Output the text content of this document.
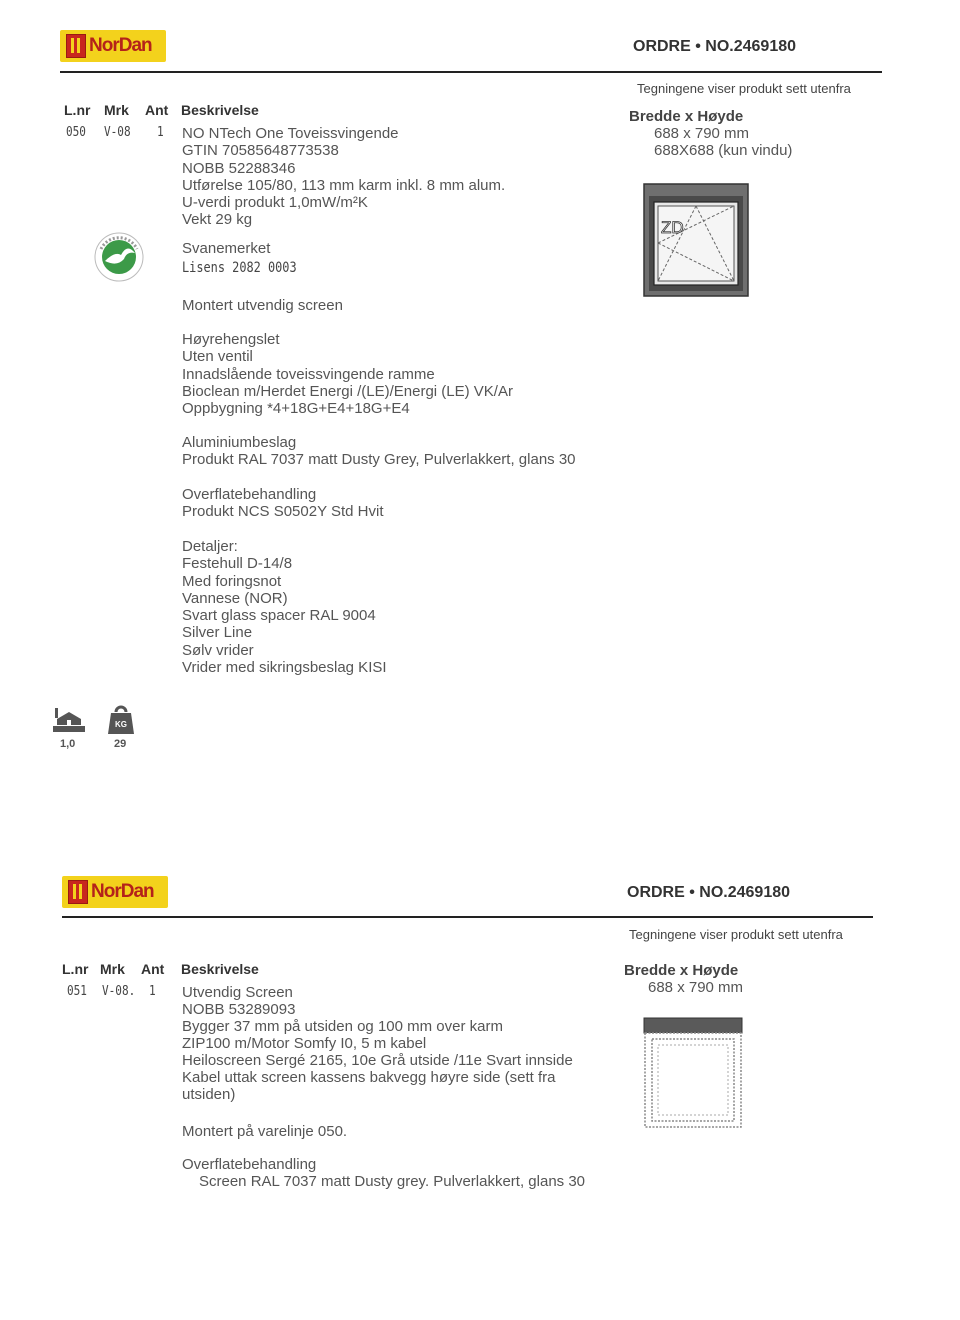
NorDan	ORDRE • NO.2469180
Tegningene viser produkt sett utenfra
L.nr Mrk Ant Beskrivelse
050 V-08 1 NO NTech One Toveissvingende
GTIN 70585648773538
NOBB 52288346
Utførelse 105/80, 113 mm karm inkl. 8 mm alum.
U-verdi produkt 1,0mW/m²K
Vekt 29 kg
Svanemerket
Lisens 2082 0003
Montert utvendig screen
Høyrehengslet
Uten ventil
Innadslående toveissvingende ramme
Bioclean m/Herdet Energi /(LE)/Energi (LE) VK/Ar
Oppbygning *4+18G+E4+18G+E4
Aluminiumbeslag
Produkt RAL 7037 matt Dusty Grey, Pulverlakkert, glans 30
Overflatebehandling
Produkt NCS S0502Y Std Hvit
Detaljer:
Festehull D-14/8
Med foringsnot
Vannese (NOR)
Svart glass spacer RAL 9004
Silver Line
Sølv vrider
Vrider med sikringsbeslag KISI
Bredde x Høyde
688 x 790 mm
688X688 (kun vindu)
ZD
1,0
KG
29
NorDan	ORDRE • NO.2469180
Tegningene viser produkt sett utenfra
L.nr Mrk Ant Beskrivelse
051 V-08. 1 Utvendig Screen
NOBB 53289093
Bygger 37 mm på utsiden og 100 mm over karm
ZIP100 m/Motor Somfy I0, 5 m kabel
Heiloscreen Sergé 2165, 10e Grå utside /11e Svart innside
Kabel uttak screen kassens bakvegg høyre side (sett fra
utsiden)
Montert på varelinje 050.
Overflatebehandling
Screen RAL 7037 matt Dusty grey. Pulverlakkert, glans 30
Bredde x Høyde
688 x 790 mm
